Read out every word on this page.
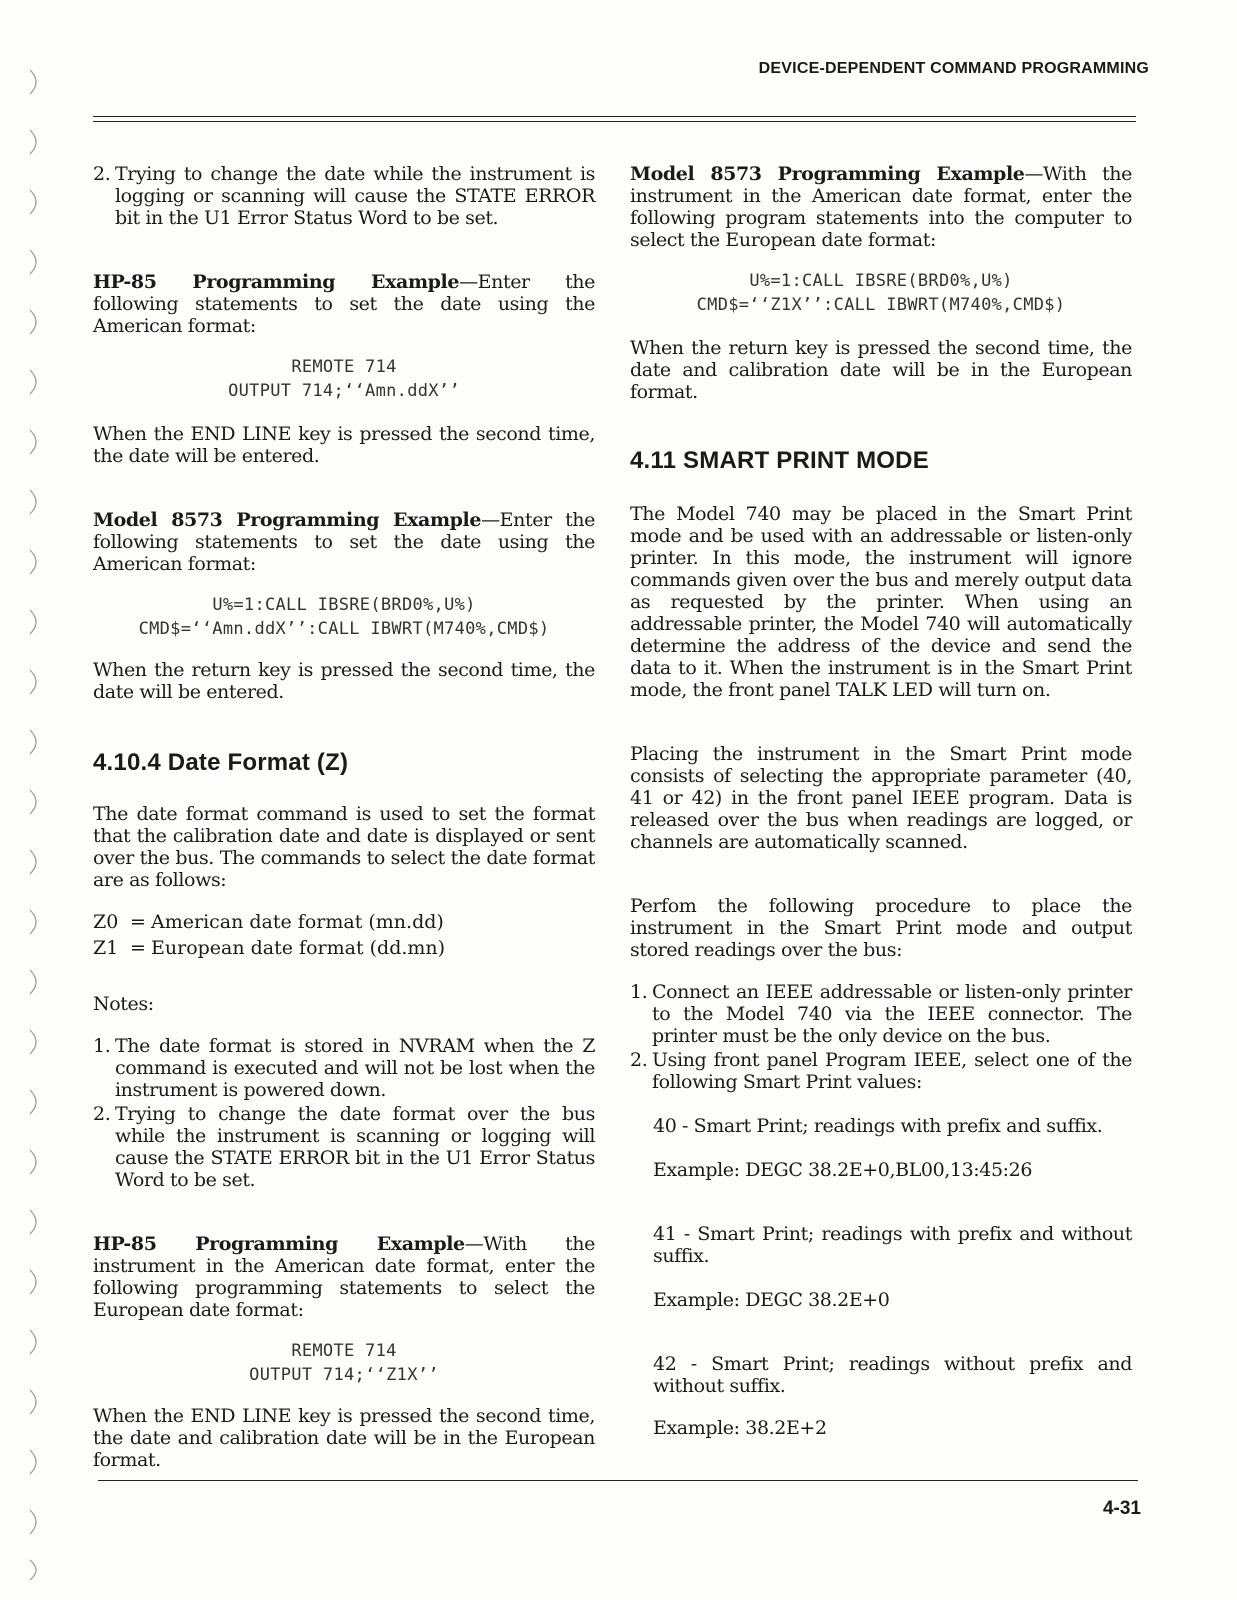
DEVICE-DEPENDENT COMMAND PROGRAMMING
2. Trying to change the date while the instrument is logging or scanning will cause the STATE ERROR bit in the U1 Error Status Word to be set.

HP-85 Programming Example—Enter the following statements to set the date using the American format:

REMOTE 714
OUTPUT 714;‘‘Amn.ddX’’

When the END LINE key is pressed the second time, the date will be entered.

Model 8573 Programming Example—Enter the following statements to set the date using the American format:

U%=1:CALL IBSRE(BRD0%,U%)
CMD$=‘‘Amn.ddX’’:CALL IBWRT(M740%,CMD$)

When the return key is pressed the second time, the date will be entered.

4.10.4 Date Format (Z)

The date format command is used to set the format that the calibration date and date is displayed or sent over the bus. The commands to select the date format are as follows:

Z0 = American date format (mn.dd)
Z1 = European date format (dd.mn)

Notes:

1. The date format is stored in NVRAM when the Z command is executed and will not be lost when the instrument is powered down.
2. Trying to change the date format over the bus while the instrument is scanning or logging will cause the STATE ERROR bit in the U1 Error Status Word to be set.

HP-85 Programming Example—With the instrument in the American date format, enter the following programming statements to select the European date format:

REMOTE 714
OUTPUT 714;‘‘Z1X’’

When the END LINE key is pressed the second time, the date and calibration date will be in the European format.

Model 8573 Programming Example—With the instrument in the American date format, enter the following program statements into the computer to select the European date format:

U%=1:CALL IBSRE(BRD0%,U%)
CMD$=‘‘Z1X’’:CALL IBWRT(M740%,CMD$)

When the return key is pressed the second time, the date and calibration date will be in the European format.

4.11 SMART PRINT MODE

The Model 740 may be placed in the Smart Print mode and be used with an addressable or listen-only printer. In this mode, the instrument will ignore commands given over the bus and merely output data as requested by the printer. When using an addressable printer, the Model 740 will automatically determine the address of the device and send the data to it. When the instrument is in the Smart Print mode, the front panel TALK LED will turn on.

Placing the instrument in the Smart Print mode consists of selecting the appropriate parameter (40, 41 or 42) in the front panel IEEE program. Data is released over the bus when readings are logged, or channels are automatically scanned.

Perfom the following procedure to place the instrument in the Smart Print mode and output stored readings over the bus:

1. Connect an IEEE addressable or listen-only printer to the Model 740 via the IEEE connector. The printer must be the only device on the bus.
2. Using front panel Program IEEE, select one of the following Smart Print values:

40 - Smart Print; readings with prefix and suffix.

Example: DEGC 38.2E+0,BL00,13:45:26

41 - Smart Print; readings with prefix and without suffix.

Example: DEGC 38.2E+0

42 - Smart Print; readings without prefix and without suffix.

Example: 38.2E+2

4-31
